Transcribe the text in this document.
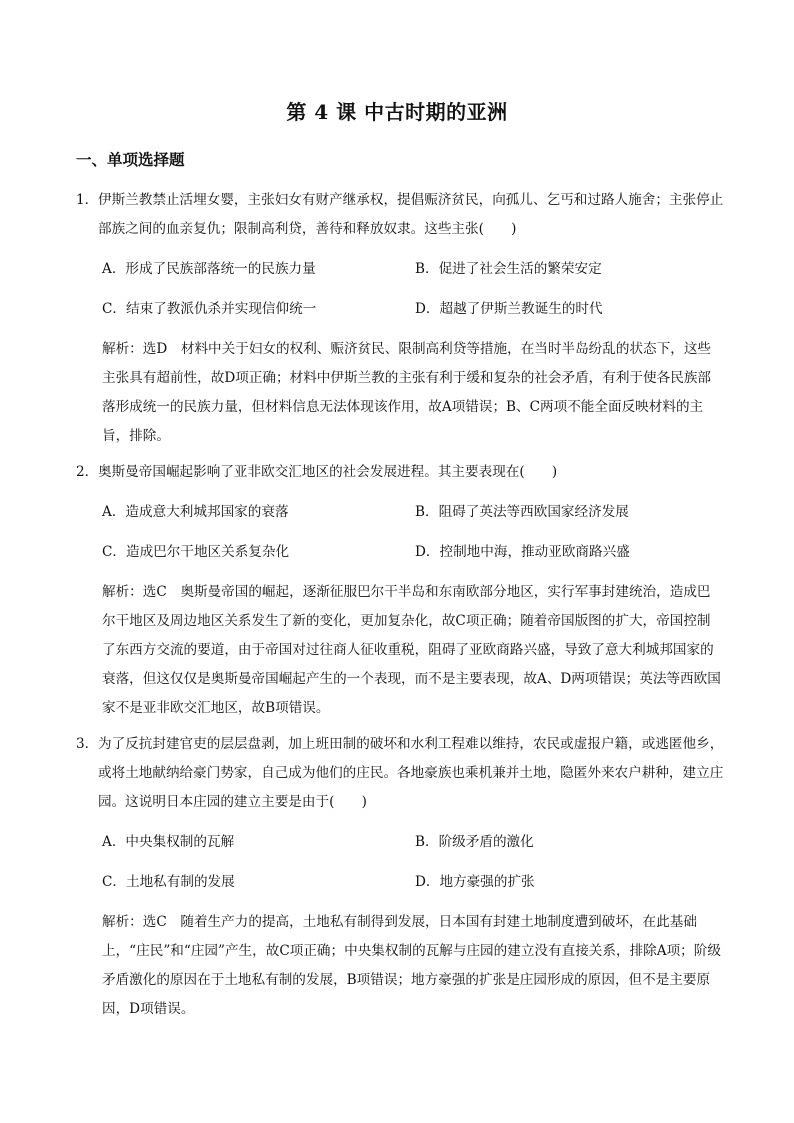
第 4 课 中古时期的亚洲
一、单项选择题
1． 伊斯兰教禁止活埋女婴，主张妇女有财产继承权，提倡赈济贫民，向孤儿、乞丐和过路人施舍；主张停止部族之间的血亲复仇；限制高利贷，善待和释放奴隶。这些主张(　　)
A．形成了民族部落统一的民族力量	B．促进了社会生活的繁荣安定
C．结束了教派仇杀并实现信仰统一	D．超越了伊斯兰教诞生的时代
解析：选D　材料中关于妇女的权利、赈济贫民、限制高利贷等措施，在当时半岛纷乱的状态下，这些主张具有超前性，故D项正确；材料中伊斯兰教的主张有利于缓和复杂的社会矛盾，有利于使各民族部落形成统一的民族力量，但材料信息无法体现该作用，故A项错误；B、C两项不能全面反映材料的主旨，排除。
2． 奥斯曼帝国崛起影响了亚非欧交汇地区的社会发展进程。其主要表现在(　　)
A．造成意大利城邦国家的衰落	B．阻碍了英法等西欧国家经济发展
C．造成巴尔干地区关系复杂化	D．控制地中海，推动亚欧商路兴盛
解析：选C　奥斯曼帝国的崛起，逐渐征服巴尔干半岛和东南欧部分地区，实行军事封建统治，造成巴尔干地区及周边地区关系发生了新的变化，更加复杂化，故C项正确；随着帝国版图的扩大，帝国控制了东西方交流的要道，由于帝国对过往商人征收重税，阻碍了亚欧商路兴盛，导致了意大利城邦国家的衰落，但这仅仅是奥斯曼帝国崛起产生的一个表现，而不是主要表现，故A、D两项错误；英法等西欧国家不是亚非欧交汇地区，故B项错误。
3． 为了反抗封建官吏的层层盘剥，加上班田制的破坏和水利工程难以维持，农民或虚报户籍，或逃匿他乡，或将土地献纳给豪门势家，自己成为他们的庄民。各地豪族也乘机兼并土地，隐匿外来农户耕种，建立庄园。这说明日本庄园的建立主要是由于(　　)
A．中央集权制的瓦解	B．阶级矛盾的激化
C．土地私有制的发展	D．地方豪强的扩张
解析：选C　随着生产力的提高，土地私有制得到发展，日本国有封建土地制度遭到破坏，在此基础上，“庄民”和“庄园”产生，故C项正确；中央集权制的瓦解与庄园的建立没有直接关系，排除A项；阶级矛盾激化的原因在于土地私有制的发展，B项错误；地方豪强的扩张是庄园形成的原因，但不是主要原因，D项错误。
